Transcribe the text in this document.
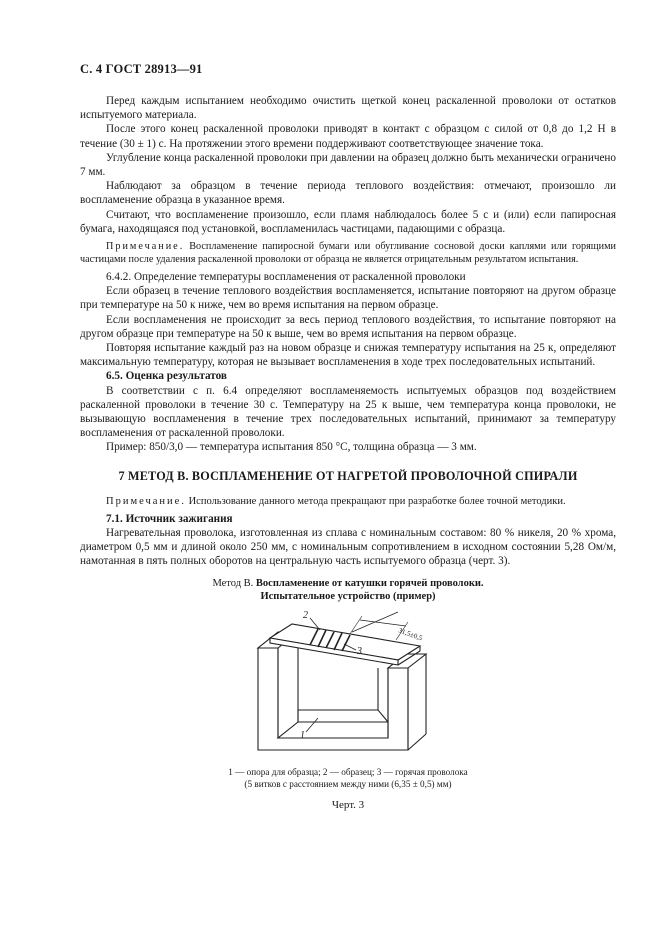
С. 4 ГОСТ 28913—91

Перед каждым испытанием необходимо очистить щеткой конец раскаленной проволоки от остатков испытуемого материала.

После этого конец раскаленной проволоки приводят в контакт с образцом с силой от 0,8 до 1,2 Н в течение (30 ± 1) с. На протяжении этого времени поддерживают соответствующее значение тока.

Углубление конца раскаленной проволоки при давлении на образец должно быть механически ограничено 7 мм.

Наблюдают за образцом в течение периода теплового воздействия: отмечают, произошло ли воспламенение образца в указанное время.

Считают, что воспламенение произошло, если пламя наблюдалось более 5 с и (или) если папиросная бумага, находящаяся под установкой, воспламенилась частицами, падающими с образца.

Примечание. Воспламенение папиросной бумаги или обугливание сосновой доски каплями или горящими частицами после удаления раскаленной проволоки от образца не является отрицательным результатом испытания.

6.4.2. Определение температуры воспламенения от раскаленной проволоки

Если образец в течение теплового воздействия воспламеняется, испытание повторяют на другом образце при температуре на 50 к ниже, чем во время испытания на первом образце.

Если воспламенения не происходит за весь период теплового воздействия, то испытание повторяют на другом образце при температуре на 50 к выше, чем во время испытания на первом образце.

Повторяя испытание каждый раз на новом образце и снижая температуру испытания на 25 к, определяют максимальную температуру, которая не вызывает воспламенения в ходе трех последовательных испытаний.

6.5. Оценка результатов

В соответствии с п. 6.4 определяют воспламеняемость испытуемых образцов под воздействием раскаленной проволоки в течение 30 с. Температуру на 25 к выше, чем температура конца проволоки, не вызывающую воспламенения в течение трех последовательных испытаний, принимают за температуру воспламенения от раскаленной проволоки.

Пример: 850/3,0 — температура испытания 850 °С, толщина образца — 3 мм.

7 МЕТОД В. ВОСПЛАМЕНЕНИЕ ОТ НАГРЕТОЙ ПРОВОЛОЧНОЙ СПИРАЛИ

Примечание. Использование данного метода прекращают при разработке более точной методики.

7.1. Источник зажигания

Нагревательная проволока, изготовленная из сплава с номинальным составом: 80 % никеля, 20 % хрома, диаметром 0,5 мм и длиной около 250 мм, с номинальным сопротивлением в исходном состоянии 5,28 Ом/м, намотанная в пять полных оборотов на центральную часть испытуемого образца (черт. 3).

Метод В. Воспламенение от катушки горячей проволоки.
Испытательное устройство (пример)

2
3
1
31,5±0,5

1 — опора для образца; 2 — образец; 3 — горячая проволока
(5 витков с расстоянием между ними (6,35 ± 0,5) мм)

Черт. 3
